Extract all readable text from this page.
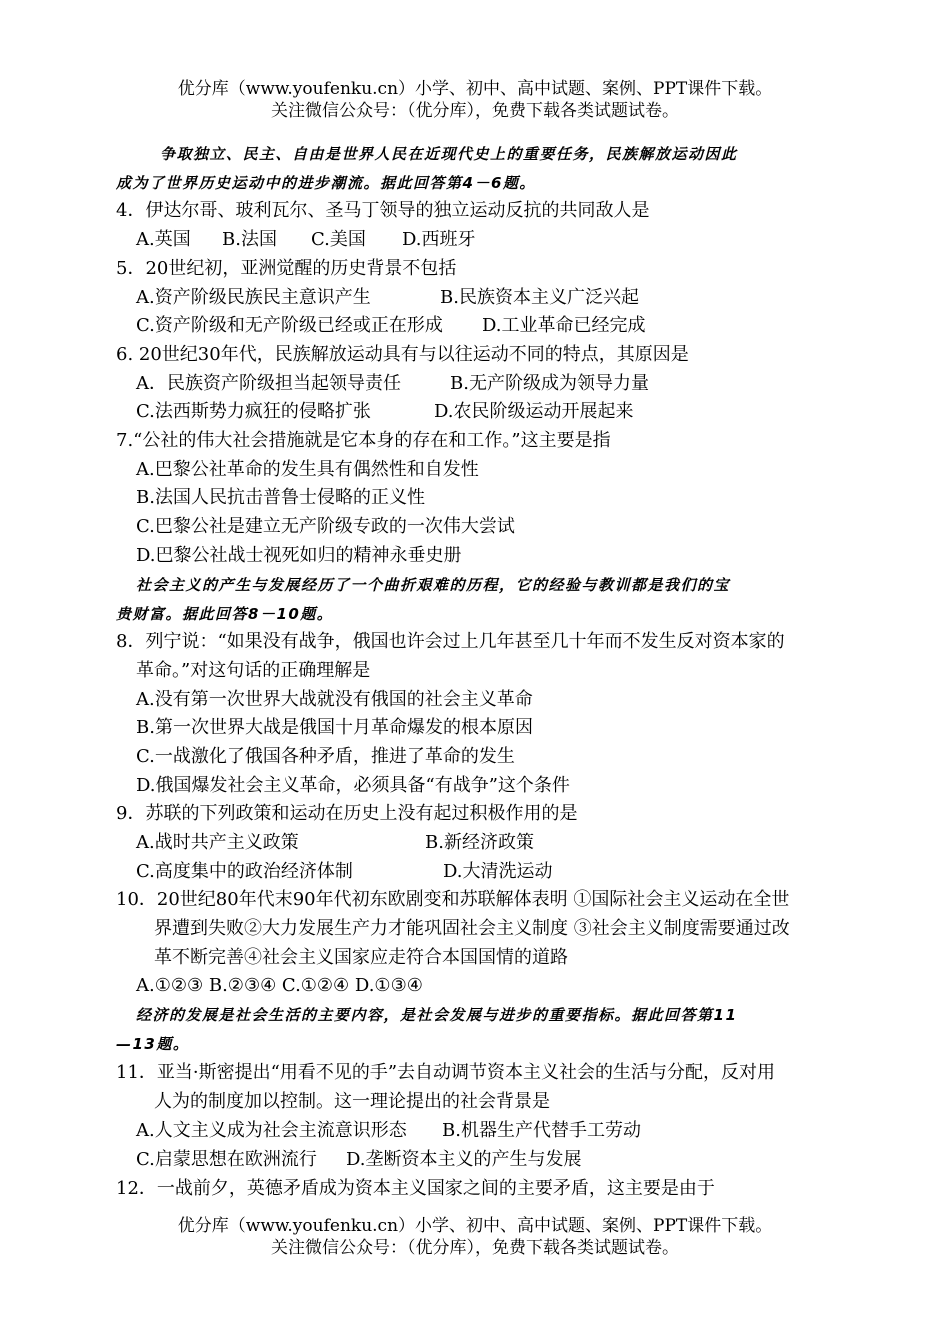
优分库（www.youfenku.cn）小学、初中、高中试题、案例、PPT课件下载。
关注微信公众号：（优分库），免费下载各类试题试卷。
争取独立、民主、自由是世界人民在近现代史上的重要任务，民族解放运动因此
成为了世界历史运动中的进步潮流。据此回答第4－6题。
4．伊达尔哥、玻利瓦尔、圣马丁领导的独立运动反抗的共同敌人是
A.英国 B.法国 C.美国 D.西班牙
5．20世纪初，亚洲觉醒的历史背景不包括
A.资产阶级民族民主意识产生	B.民族资本主义广泛兴起
C.资产阶级和无产阶级已经或正在形成 D.工业革命已经完成
6. 20世纪30年代，民族解放运动具有与以往运动不同的特点，其原因是
A．民族资产阶级担当起领导责任	B.无产阶级成为领导力量
C.法西斯势力疯狂的侵略扩张	D.农民阶级运动开展起来
7.“公社的伟大社会措施就是它本身的存在和工作。”这主要是指
A.巴黎公社革命的发生具有偶然性和自发性
B.法国人民抗击普鲁士侵略的正义性
C.巴黎公社是建立无产阶级专政的一次伟大尝试
D.巴黎公社战士视死如归的精神永垂史册
社会主义的产生与发展经历了一个曲折艰难的历程，它的经验与教训都是我们的宝
贵财富。据此回答8－10题。
8．列宁说：“如果没有战争，俄国也许会过上几年甚至几十年而不发生反对资本家的
革命。”对这句话的正确理解是
A.没有第一次世界大战就没有俄国的社会主义革命
B.第一次世界大战是俄国十月革命爆发的根本原因
C.一战激化了俄国各种矛盾，推进了革命的发生
D.俄国爆发社会主义革命，必须具备“有战争”这个条件
9．苏联的下列政策和运动在历史上没有起过积极作用的是
A.战时共产主义政策	B.新经济政策
C.高度集中的政治经济体制	D.大清洗运动
10．20世纪80年代末90年代初东欧剧变和苏联解体表明 ①国际社会主义运动在全世
界遭到失败②大力发展生产力才能巩固社会主义制度 ③社会主义制度需要通过改
革不断完善④社会主义国家应走符合本国国情的道路
A.①②③ B.②③④ C.①②④ D.①③④
经济的发展是社会生活的主要内容，是社会发展与进步的重要指标。据此回答第11
—13题。
11．亚当·斯密提出“用看不见的手”去自动调节资本主义社会的生活与分配，反对用
人为的制度加以控制。这一理论提出的社会背景是
A.人文主义成为社会主流意识形态 B.机器生产代替手工劳动
C.启蒙思想在欧洲流行 D.垄断资本主义的产生与发展
12．一战前夕，英德矛盾成为资本主义国家之间的主要矛盾，这主要是由于
优分库（www.youfenku.cn）小学、初中、高中试题、案例、PPT课件下载。
关注微信公众号：（优分库），免费下载各类试题试卷。
